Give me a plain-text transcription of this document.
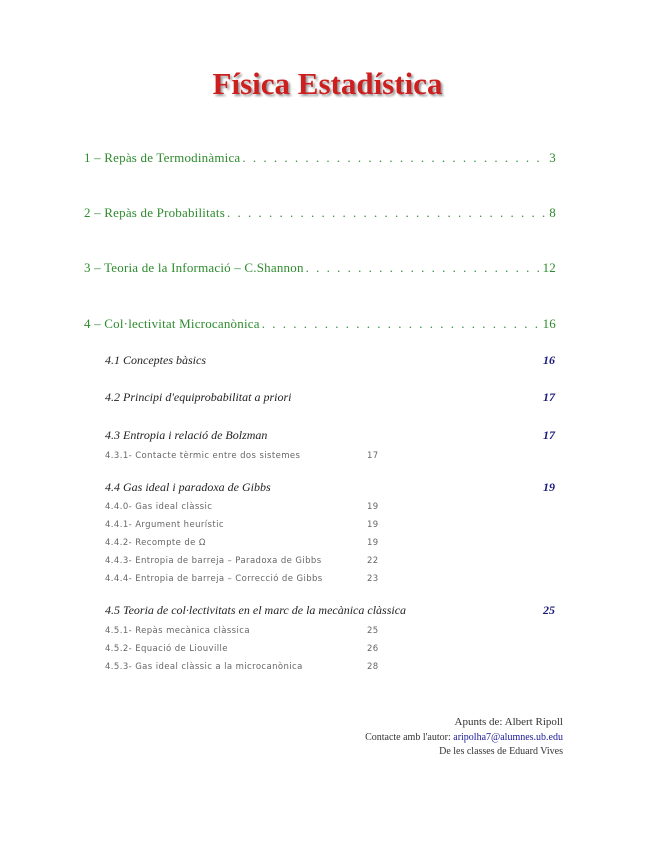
Física Estadística
1 – Repàs de Termodinàmica . . .	3
2 – Repàs de Probabilitats . . .	8
3 – Teoria de la Informació – C.Shannon . . .	12
4 – Col·lectivitat Microcanònica . . .	16
4.1 Conceptes bàsics	16
4.2 Principi d'equiprobabilitat a priori	17
4.3 Entropia i relació de Bolzman	17
4.3.1- Contacte tèrmic entre dos sistemes	17
4.4 Gas ideal i paradoxa de Gibbs	19
4.4.0- Gas ideal clàssic	19
4.4.1- Argument heurístic	19
4.4.2- Recompte de Ω	19
4.4.3- Entropia de barreja – Paradoxa de Gibbs	22
4.4.4- Entropia de barreja – Correcció de Gibbs	23
4.5 Teoria de col·lectivitats en el marc de la mecànica clàssica	25
4.5.1- Repàs mecànica clàssica	25
4.5.2- Equació de Liouville	26
4.5.3- Gas ideal clàssic a la microcanònica	28
Apunts de: Albert Ripoll
Contacte amb l'autor: aripolha7@alumnes.ub.edu
De les classes de Eduard Vives
